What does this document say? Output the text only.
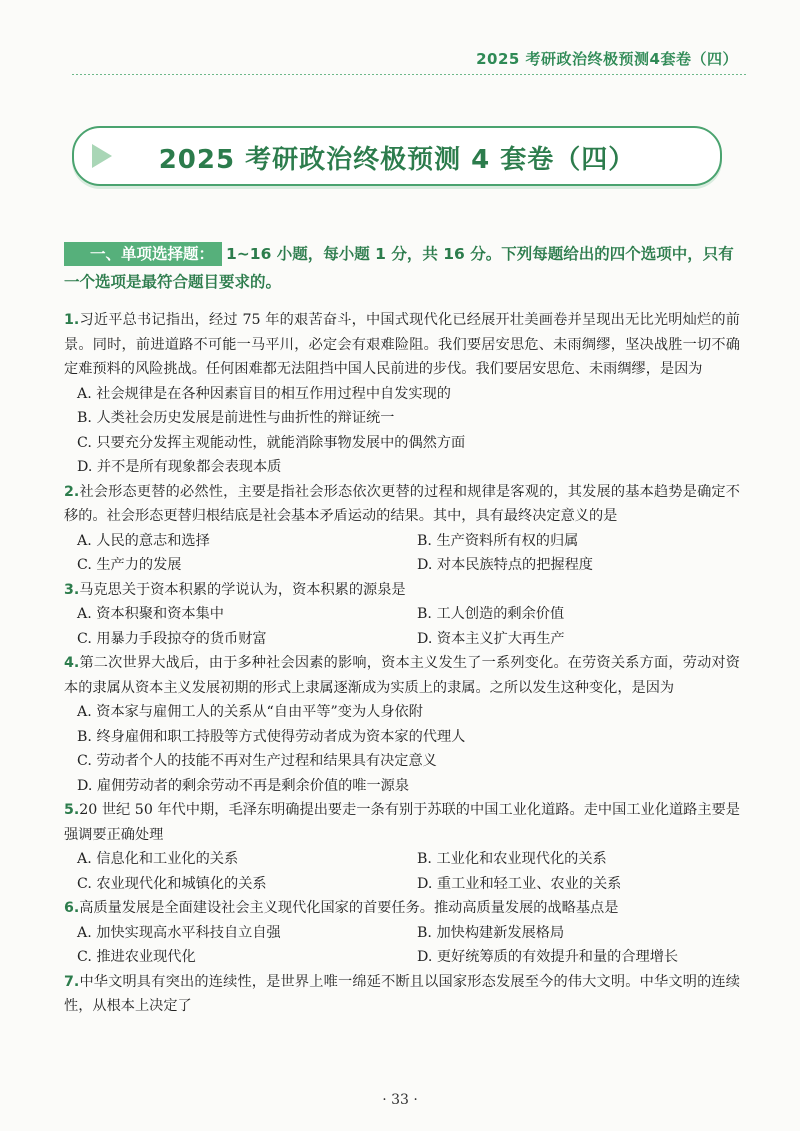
2025 考研政治终极预测4套卷（四）
2025 考研政治终极预测 4 套卷（四）
一、单项选择题： 1~16 小题，每小题 1 分，共 16 分。下列每题给出的四个选项中，只有一个选项是最符合题目要求的。
1.习近平总书记指出，经过 75 年的艰苦奋斗，中国式现代化已经展开壮美画卷并呈现出无比光明灿烂的前景。同时，前进道路不可能一马平川，必定会有艰难险阻。我们要居安思危、未雨绸缪，坚决战胜一切不确定难预料的风险挑战。任何困难都无法阻挡中国人民前进的步伐。我们要居安思危、未雨绸缪，是因为
A. 社会规律是在各种因素盲目的相互作用过程中自发实现的
B. 人类社会历史发展是前进性与曲折性的辩证统一
C. 只要充分发挥主观能动性，就能消除事物发展中的偶然方面
D. 并不是所有现象都会表现本质
2.社会形态更替的必然性，主要是指社会形态依次更替的过程和规律是客观的，其发展的基本趋势是确定不移的。社会形态更替归根结底是社会基本矛盾运动的结果。其中，具有最终决定意义的是
A. 人民的意志和选择	B. 生产资料所有权的归属
C. 生产力的发展	D. 对本民族特点的把握程度
3.马克思关于资本积累的学说认为，资本积累的源泉是
A. 资本积聚和资本集中	B. 工人创造的剩余价值
C. 用暴力手段掠夺的货币财富	D. 资本主义扩大再生产
4.第二次世界大战后，由于多种社会因素的影响，资本主义发生了一系列变化。在劳资关系方面，劳动对资本的隶属从资本主义发展初期的形式上隶属逐渐成为实质上的隶属。之所以发生这种变化，是因为
A. 资本家与雇佣工人的关系从“自由平等”变为人身依附
B. 终身雇佣和职工持股等方式使得劳动者成为资本家的代理人
C. 劳动者个人的技能不再对生产过程和结果具有决定意义
D. 雇佣劳动者的剩余劳动不再是剩余价值的唯一源泉
5.20 世纪 50 年代中期，毛泽东明确提出要走一条有别于苏联的中国工业化道路。走中国工业化道路主要是强调要正确处理
A. 信息化和工业化的关系	B. 工业化和农业现代化的关系
C. 农业现代化和城镇化的关系	D. 重工业和轻工业、农业的关系
6.高质量发展是全面建设社会主义现代化国家的首要任务。推动高质量发展的战略基点是
A. 加快实现高水平科技自立自强	B. 加快构建新发展格局
C. 推进农业现代化	D. 更好统筹质的有效提升和量的合理增长
7.中华文明具有突出的连续性，是世界上唯一绵延不断且以国家形态发展至今的伟大文明。中华文明的连续性，从根本上决定了
· 33 ·
